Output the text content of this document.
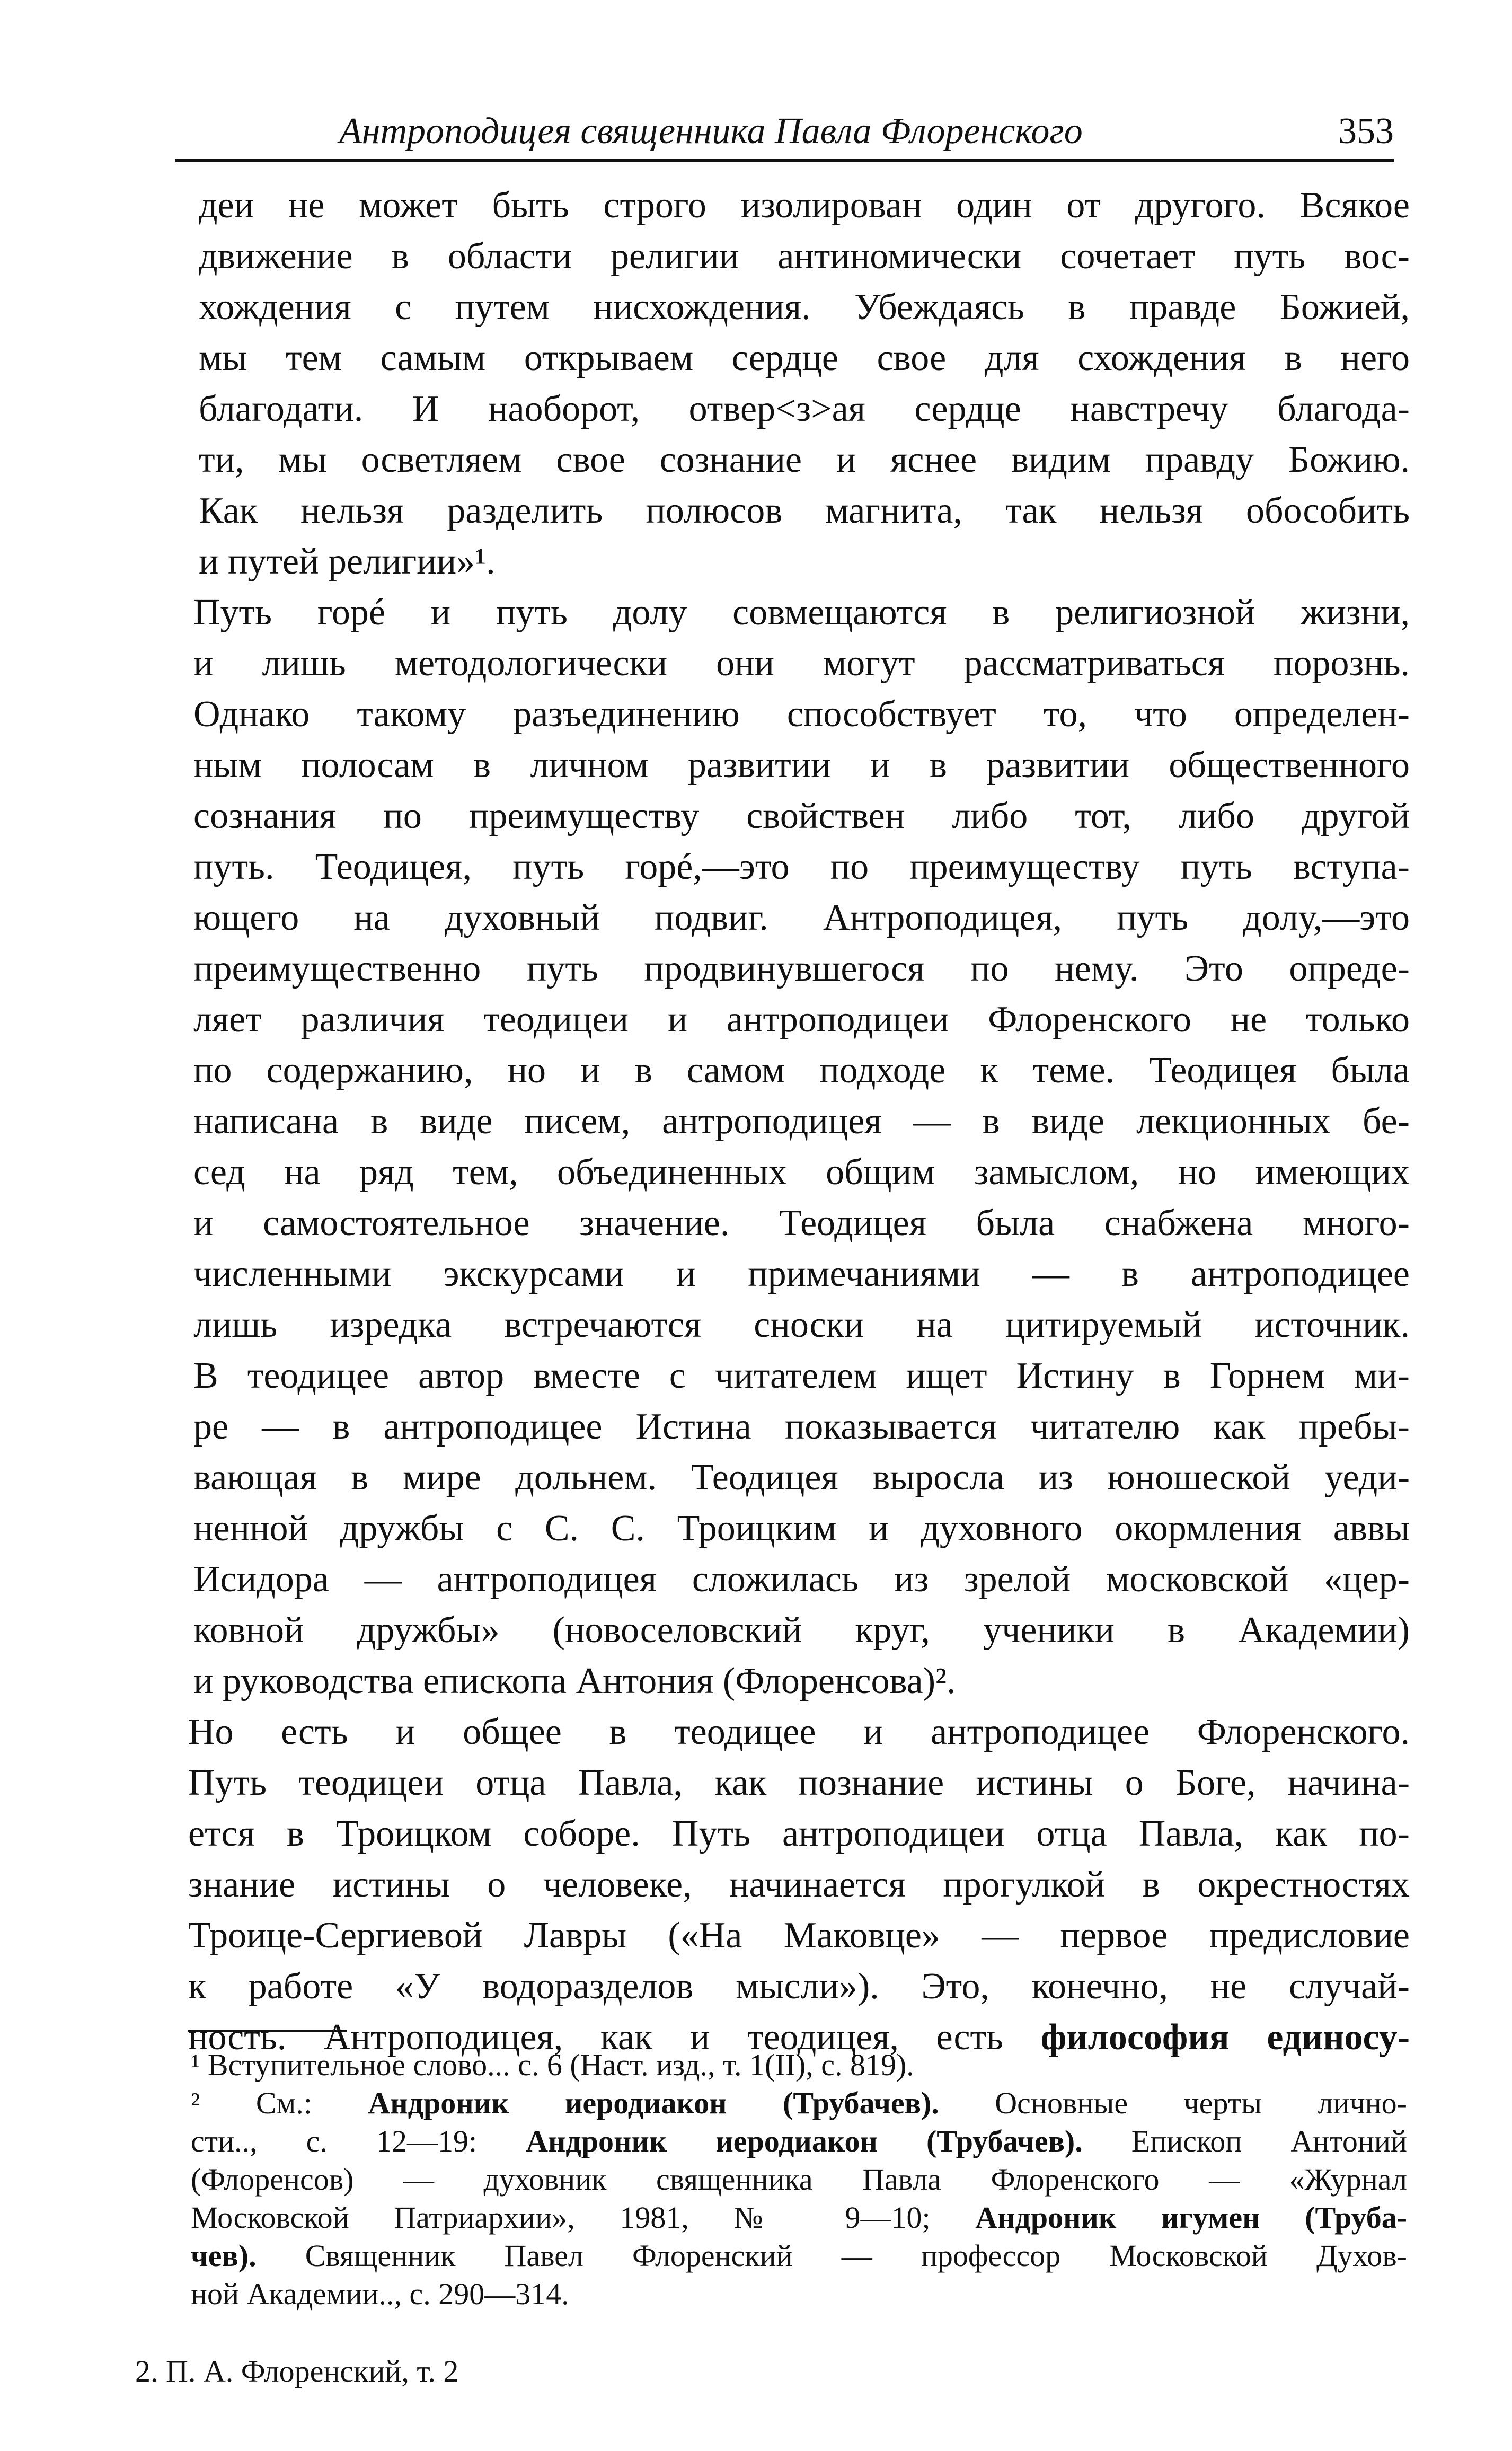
Антроподицея священника Павла Флоренского	353
деи не может быть строго изолирован один от другого. Всякое
движение в области религии антиномически сочетает путь вос-
хождения с путем нисхождения. Убеждаясь в правде Божией,
мы тем самым открываем сердце свое для схождения в него
благодати. И наоборот, отвер<з>ая сердце навстречу благода-
ти, мы осветляем свое сознание и яснее видим правду Божию.
Как нельзя разделить полюсов магнита, так нельзя обособить
и путей религии»¹.
Путь горé и путь долу совмещаются в религиозной жизни,
и лишь методологически они могут рассматриваться порознь.
Однако такому разъединению способствует то, что определен-
ным полосам в личном развитии и в развитии общественного
сознания по преимуществу свойствен либо тот, либо другой
путь. Теодицея, путь горé,—это по преимуществу путь вступа-
ющего на духовный подвиг. Антроподицея, путь долу,—это
преимущественно путь продвинувшегося по нему. Это опреде-
ляет различия теодицеи и антроподицеи Флоренского не только
по содержанию, но и в самом подходе к теме. Теодицея была
написана в виде писем, антроподицея — в виде лекционных бе-
сед на ряд тем, объединенных общим замыслом, но имеющих
и самостоятельное значение. Теодицея была снабжена много-
численными экскурсами и примечаниями — в антроподицее
лишь изредка встречаются сноски на цитируемый источник.
В теодицее автор вместе с читателем ищет Истину в Горнем ми-
ре — в антроподицее Истина показывается читателю как пребы-
вающая в мире дольнем. Теодицея выросла из юношеской уеди-
ненной дружбы с С. С. Троицким и духовного окормления аввы
Исидора — антроподицея сложилась из зрелой московской «цер-
ковной дружбы» (новоселовский круг, ученики в Академии)
и руководства епископа Антония (Флоренсова)².
Но есть и общее в теодицее и антроподицее Флоренского.
Путь теодицеи отца Павла, как познание истины о Боге, начина-
ется в Троицком соборе. Путь антроподицеи отца Павла, как по-
знание истины о человеке, начинается прогулкой в окрестностях
Троице-Сергиевой Лавры («На Маковце» — первое предисловие
к работе «У водоразделов мысли»). Это, конечно, не случай-
ность. Антроподицея, как и теодицея, есть философия единосу-
¹ Вступительное слово... с. 6 (Наст. изд., т. 1(II), с. 819).
² См.: Андроник иеродиакон (Трубачев). Основные черты лично-
сти.., с. 12—19: Андроник иеродиакон (Трубачев). Епископ Антоний
(Флоренсов) — духовник священника Павла Флоренского — «Журнал
Московской Патриархии», 1981, № 9—10; Андроник игумен (Труба-
чев). Священник Павел Флоренский — профессор Московской Духов-
ной Академии.., с. 290—314.
2. П. А. Флоренский, т. 2
